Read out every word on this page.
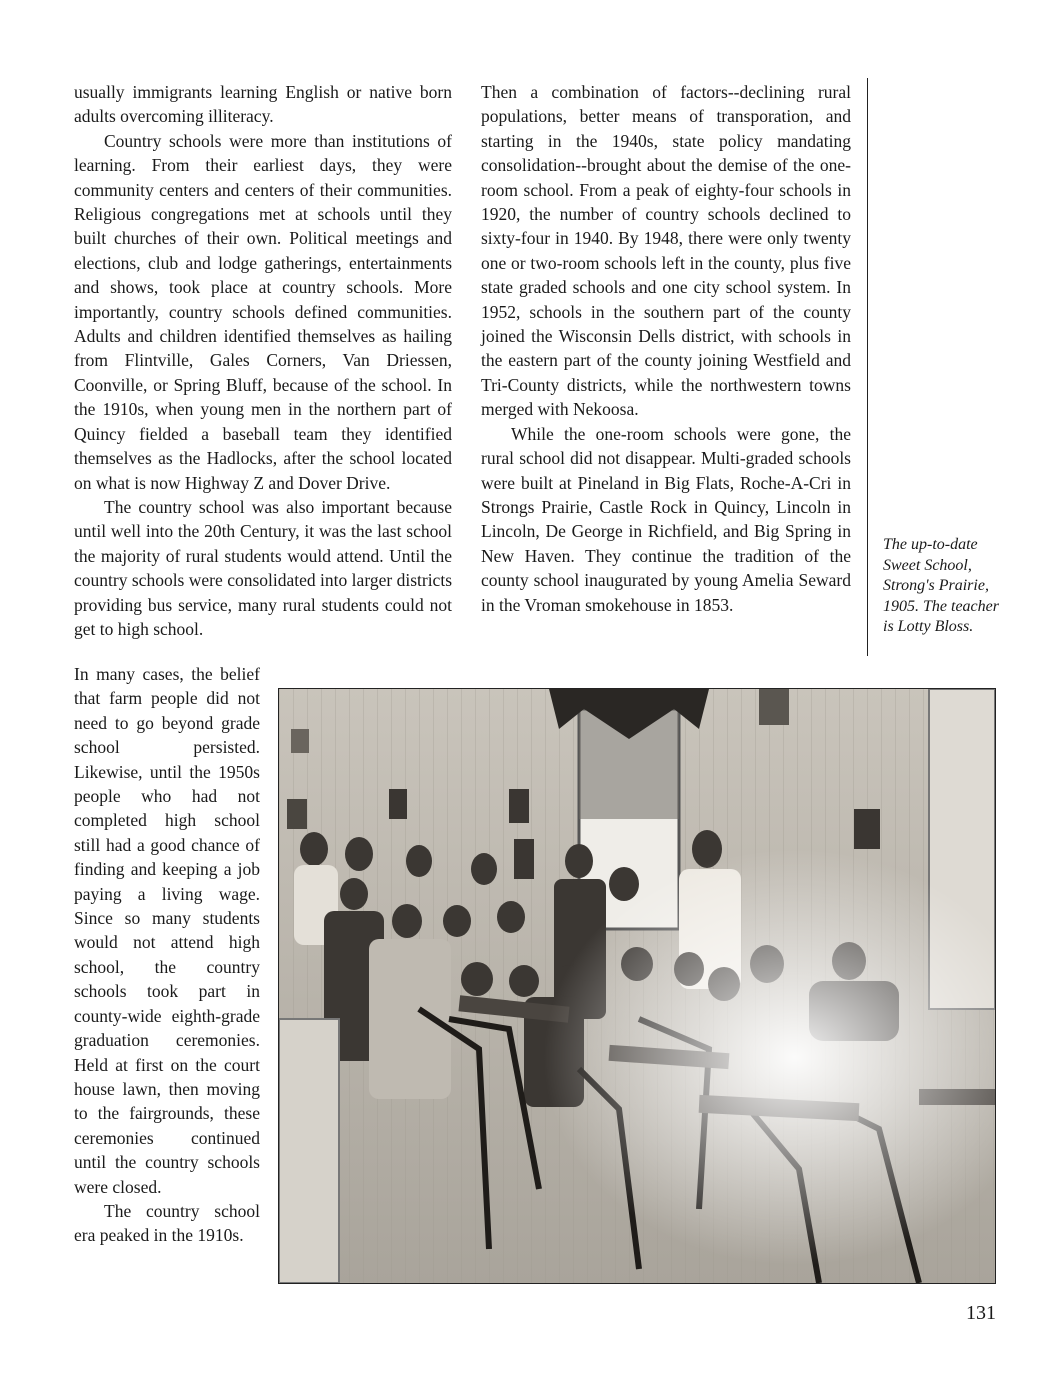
usually immigrants learning English or native born adults overcoming illiteracy.

Country schools were more than institutions of learning. From their earliest days, they were community centers and centers of their communities. Religious congregations met at schools until they built churches of their own. Political meetings and elections, club and lodge gatherings, entertainments and shows, took place at country schools. More importantly, country schools defined communities. Adults and children identified themselves as hailing from Flintville, Gales Corners, Van Driessen, Coonville, or Spring Bluff, because of the school. In the 1910s, when young men in the northern part of Quincy fielded a baseball team they identified themselves as the Hadlocks, after the school located on what is now Highway Z and Dover Drive.

The country school was also important because until well into the 20th Century, it was the last school the majority of rural students would attend. Until the country schools were consolidated into larger districts providing bus service, many rural students could not get to high school.

In many cases, the belief that farm people did not need to go beyond grade school persisted. Likewise, until the 1950s people who had not completed high school still had a good chance of finding and keeping a job paying a living wage. Since so many students would not attend high school, the country schools took part in county-wide eighth-grade graduation ceremonies. Held at first on the court house lawn, then moving to the fairgrounds, these ceremonies continued until the country schools were closed.

The country school era peaked in the 1910s.

Then a combination of factors--declining rural populations, better means of transporation, and starting in the 1940s, state policy mandating consolidation--brought about the demise of the one-room school. From a peak of eighty-four schools in 1920, the number of country schools declined to sixty-four in 1940. By 1948, there were only twenty one or two-room schools left in the county, plus five state graded schools and one city school system. In 1952, schools in the southern part of the county joined the Wisconsin Dells district, with schools in the eastern part of the county joining Westfield and Tri-County districts, while the northwestern towns merged with Nekoosa.

While the one-room schools were gone, the rural school did not disappear. Multi-graded schools were built at Pineland in Big Flats, Roche-A-Cri in Strongs Prairie, Castle Rock in Quincy, Lincoln in Lincoln, De George in Richfield, and Big Spring in New Haven. They continue the tradition of the county school inaugurated by young Amelia Seward in the Vroman smokehouse in 1853.

The up-to-date Sweet School, Strong's Prairie, 1905. The teacher is Lotty Bloss.
131
